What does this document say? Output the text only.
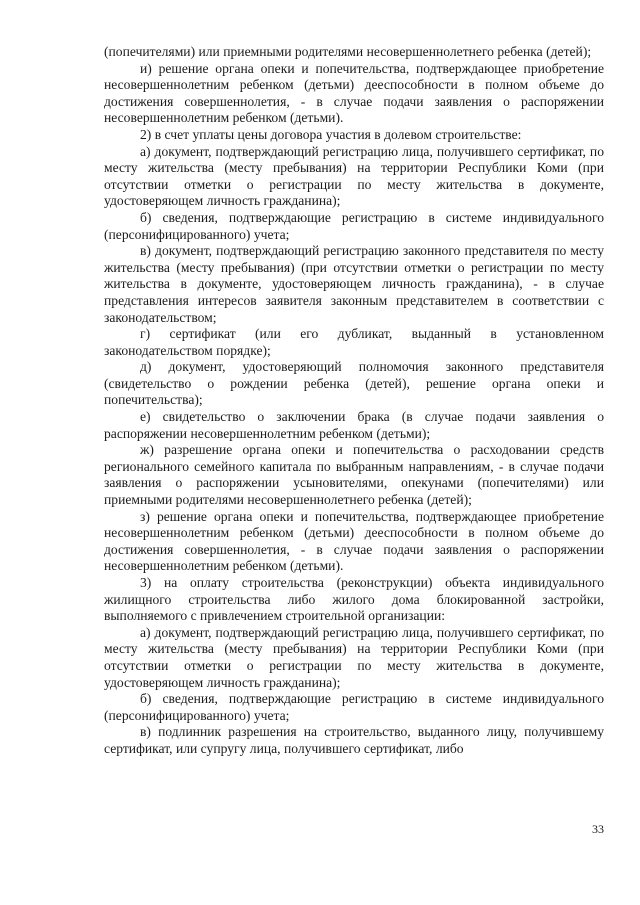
(попечителями) или приемными родителями несовершеннолетнего ребенка (детей);

и) решение органа опеки и попечительства, подтверждающее приобретение несовершеннолетним ребенком (детьми) дееспособности в полном объеме до достижения совершеннолетия, - в случае подачи заявления о распоряжении несовершеннолетним ребенком (детьми).

2) в счет уплаты цены договора участия в долевом строительстве:

а) документ, подтверждающий регистрацию лица, получившего сертификат, по месту жительства (месту пребывания) на территории Республики Коми (при отсутствии отметки о регистрации по месту жительства в документе, удостоверяющем личность гражданина);

б) сведения, подтверждающие регистрацию в системе индивидуального (персонифицированного) учета;

в) документ, подтверждающий регистрацию законного представителя по месту жительства (месту пребывания) (при отсутствии отметки о регистрации по месту жительства в документе, удостоверяющем личность гражданина), - в случае представления интересов заявителя законным представителем в соответствии с законодательством;

г) сертификат (или его дубликат, выданный в установленном законодательством порядке);

д) документ, удостоверяющий полномочия законного представителя (свидетельство о рождении ребенка (детей), решение органа опеки и попечительства);

е) свидетельство о заключении брака (в случае подачи заявления о распоряжении несовершеннолетним ребенком (детьми);

ж) разрешение органа опеки и попечительства о расходовании средств регионального семейного капитала по выбранным направлениям, - в случае подачи заявления о распоряжении усыновителями, опекунами (попечителями) или приемными родителями несовершеннолетнего ребенка (детей);

з) решение органа опеки и попечительства, подтверждающее приобретение несовершеннолетним ребенком (детьми) дееспособности в полном объеме до достижения совершеннолетия, - в случае подачи заявления о распоряжении несовершеннолетним ребенком (детьми).

3) на оплату строительства (реконструкции) объекта индивидуального жилищного строительства либо жилого дома блокированной застройки, выполняемого с привлечением строительной организации:

а) документ, подтверждающий регистрацию лица, получившего сертификат, по месту жительства (месту пребывания) на территории Республики Коми (при отсутствии отметки о регистрации по месту жительства в документе, удостоверяющем личность гражданина);

б) сведения, подтверждающие регистрацию в системе индивидуального (персонифицированного) учета;

в) подлинник разрешения на строительство, выданного лицу, получившему сертификат, или супругу лица, получившего сертификат, либо

33
